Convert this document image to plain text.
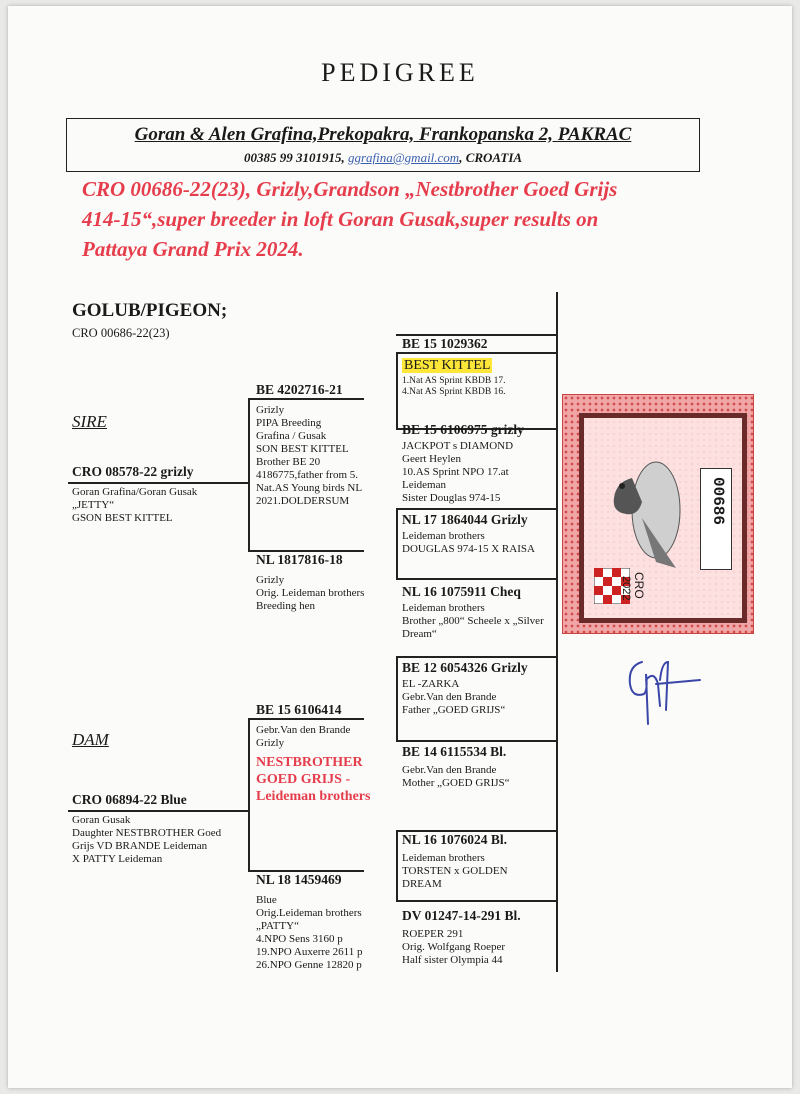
PEDIGREE
Goran & Alen Grafina,Prekopakra, Frankopanska 2, PAKRAC
00385 99 3101915, ggrafina@gmail.com, CROATIA
CRO 00686-22(23), Grizly,Grandson „Nestbrother Goed Grijs 414-15“,super breeder in loft Goran Gusak,super results on Pattaya Grand Prix 2024.
GOLUB/PIGEON;
CRO 00686-22(23)
SIRE
DAM
CRO 08578-22 grizly
Goran Grafina/Goran Gusak
„JETTY“
GSON BEST KITTEL
CRO 06894-22 Blue
Goran Gusak
Daughter NESTBROTHER Goed
Grijs VD BRANDE Leideman
X PATTY Leideman
BE 4202716-21
Grizly
PIPA Breeding
Grafina / Gusak
SON BEST KITTEL
Brother BE 20
4186775,father from 5.
Nat.AS Young birds NL
2021.DOLDERSUM
NL 1817816-18
Grizly
Orig. Leideman brothers
Breeding hen
BE 15 6106414
Gebr.Van den Brande
Grizly
NESTBROTHER
GOED GRIJS -
Leideman brothers
NL 18 1459469
Blue
Orig.Leideman brothers
„PATTY“
4.NPO Sens 3160 p
19.NPO Auxerre 2611 p
26.NPO Genne 12820 p
BE 15 1029362
BEST KITTEL
1.Nat AS Sprint KBDB 17.
4.Nat AS Sprint KBDB 16.
BE 15 6106975 grizly
JACKPOT s DIAMOND
Geert Heylen
10.AS Sprint NPO 17.at
Leideman
Sister Douglas 974-15
NL 17 1864044 Grizly
Leideman brothers
DOUGLAS 974-15 X RAISA
NL 16 1075911 Cheq
Leideman brothers
Brother „800“ Scheele x „Silver
Dream“
BE 12 6054326 Grizly
EL -ZARKA
Gebr.Van den Brande
Father „GOED GRIJS“
BE 14 6115534 Bl.
Gebr.Van den Brande
Mother „GOED GRIJS“
NL 16 1076024 Bl.
Leideman brothers
TORSTEN x GOLDEN
DREAM
DV 01247-14-291 Bl.
ROEPER 291
Orig. Wolfgang Roeper
Half sister Olympia 44
CRO
2022
00686
